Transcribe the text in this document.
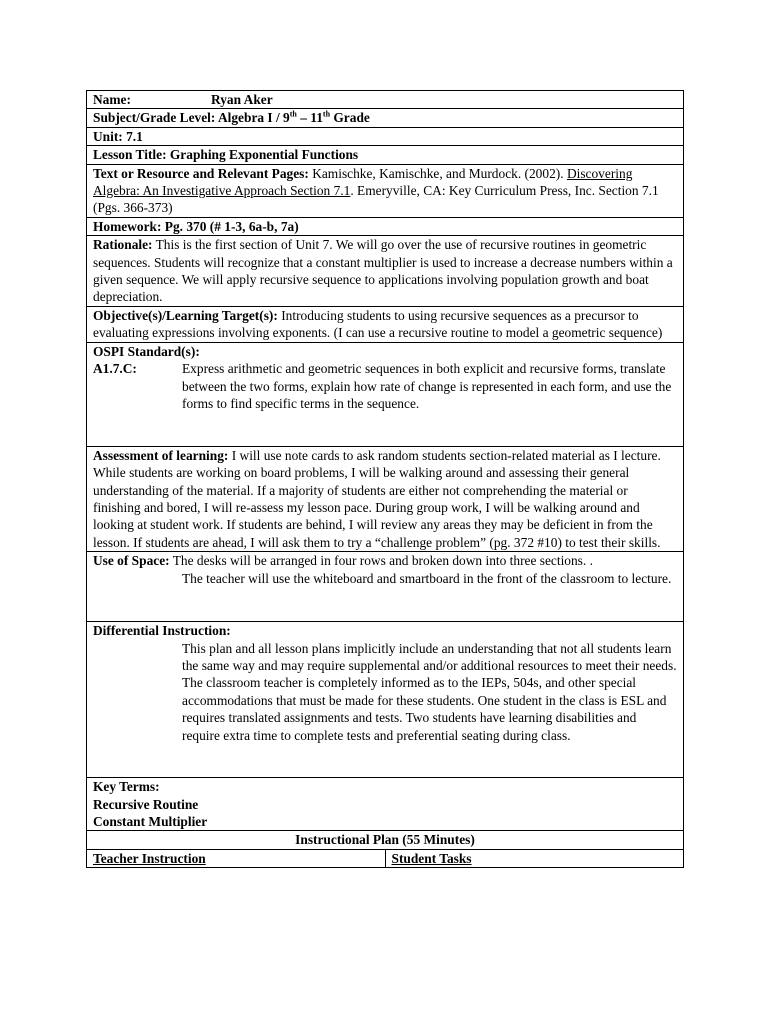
Name:	Ryan Aker
Subject/Grade Level: Algebra I / 9th – 11th Grade
Unit: 7.1
Lesson Title: Graphing Exponential Functions
Text or Resource and Relevant Pages: Kamischke, Kamischke, and Murdock. (2002). Discovering Algebra: An Investigative Approach Section 7.1. Emeryville, CA: Key Curriculum Press, Inc. Section 7.1 (Pgs. 366-373)
Homework: Pg. 370 (# 1-3, 6a-b, 7a)
Rationale: This is the first section of Unit 7. We will go over the use of recursive routines in geometric sequences. Students will recognize that a constant multiplier is used to increase a decrease numbers within a given sequence. We will apply recursive sequence to applications involving population growth and boat depreciation.
Objective(s)/Learning Target(s): Introducing students to using recursive sequences as a precursor to evaluating expressions involving exponents. (I can use a recursive routine to model a geometric sequence)

OSPI Standard(s):
A1.7.C:	Express arithmetic and geometric sequences in both explicit and recursive forms, translate between the two forms, explain how rate of change is represented in each form, and use the forms to find specific terms in the sequence.

Assessment of learning: I will use note cards to ask random students section-related material as I lecture. While students are working on board problems, I will be walking around and assessing their general understanding of the material. If a majority of students are either not comprehending the material or finishing and bored, I will re-assess my lesson pace. During group work, I will be walking around and looking at student work. If students are behind, I will review any areas they may be deficient in from the lesson. If students are ahead, I will ask them to try a “challenge problem” (pg. 372 #10) to test their skills.

Use of Space: The desks will be arranged in four rows and broken down into three sections. .
The teacher will use the whiteboard and smartboard in the front of the classroom to lecture.

Differential Instruction:
This plan and all lesson plans implicitly include an understanding that not all students learn the same way and may require supplemental and/or additional resources to meet their needs. The classroom teacher is completely informed as to the IEPs, 504s, and other special accommodations that must be made for these students. One student in the class is ESL and requires translated assignments and tests. Two students have learning disabilities and require extra time to complete tests and preferential seating during class.

Key Terms:
Recursive Routine
Constant Multiplier

Instructional Plan (55 Minutes)
Teacher Instruction	Student Tasks
